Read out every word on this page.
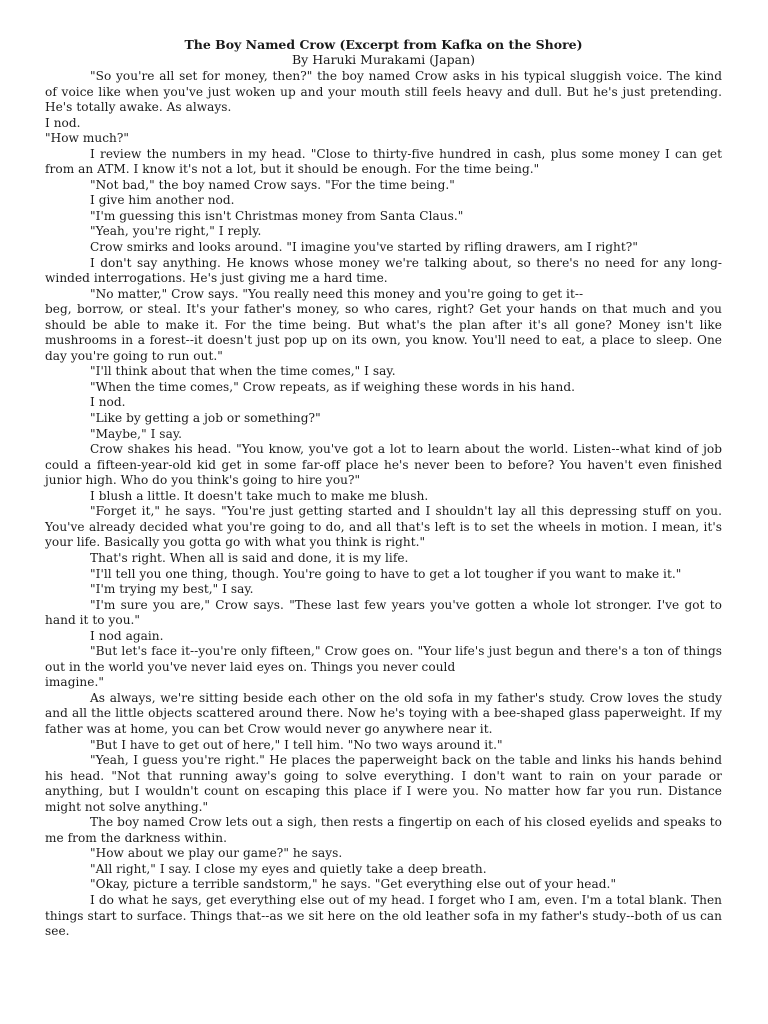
The Boy Named Crow (Excerpt from Kafka on the Shore)
By Haruki Murakami (Japan)

"So you're all set for money, then?" the boy named Crow asks in his typical sluggish voice. The kind of voice like when you've just woken up and your mouth still feels heavy and dull. But he's just pretending. He's totally awake. As always.

I nod.

"How much?"

I review the numbers in my head. "Close to thirty-five hundred in cash, plus some money I can get from an ATM. I know it's not a lot, but it should be enough. For the time being."

"Not bad," the boy named Crow says. "For the time being."

I give him another nod.

"I'm guessing this isn't Christmas money from Santa Claus."

"Yeah, you're right," I reply.

Crow smirks and looks around. "I imagine you've started by rifling drawers, am I right?"

I don't say anything. He knows whose money we're talking about, so there's no need for any long-winded interrogations. He's just giving me a hard time.

"No matter," Crow says. "You really need this money and you're going to get it--

beg, borrow, or steal. It's your father's money, so who cares, right? Get your hands on that much and you should be able to make it. For the time being. But what's the plan after it's all gone? Money isn't like mushrooms in a forest--it doesn't just pop up on its own, you know. You'll need to eat, a place to sleep. One day you're going to run out."

"I'll think about that when the time comes," I say.

"When the time comes," Crow repeats, as if weighing these words in his hand.

I nod.

"Like by getting a job or something?"

"Maybe," I say.

Crow shakes his head. "You know, you've got a lot to learn about the world. Listen--what kind of job could a fifteen-year-old kid get in some far-off place he's never been to before? You haven't even finished junior high. Who do you think's going to hire you?"

I blush a little. It doesn't take much to make me blush.

"Forget it," he says. "You're just getting started and I shouldn't lay all this depressing stuff on you. You've already decided what you're going to do, and all that's left is to set the wheels in motion. I mean, it's your life. Basically you gotta go with what you think is right."

That's right. When all is said and done, it is my life.

"I'll tell you one thing, though. You're going to have to get a lot tougher if you want to make it."

"I'm trying my best," I say.

"I'm sure you are," Crow says. "These last few years you've gotten a whole lot stronger. I've got to hand it to you."

I nod again.

"But let's face it--you're only fifteen," Crow goes on. "Your life's just begun and there's a ton of things out in the world you've never laid eyes on. Things you never could

imagine."

As always, we're sitting beside each other on the old sofa in my father's study. Crow loves the study and all the little objects scattered around there. Now he's toying with a bee-shaped glass paperweight. If my father was at home, you can bet Crow would never go anywhere near it.

"But I have to get out of here," I tell him. "No two ways around it."

"Yeah, I guess you're right." He places the paperweight back on the table and links his hands behind his head. "Not that running away's going to solve everything. I don't want to rain on your parade or anything, but I wouldn't count on escaping this place if I were you. No matter how far you run. Distance might not solve anything."

The boy named Crow lets out a sigh, then rests a fingertip on each of his closed eyelids and speaks to me from the darkness within.

"How about we play our game?" he says.

"All right," I say. I close my eyes and quietly take a deep breath.

"Okay, picture a terrible sandstorm," he says. "Get everything else out of your head."

I do what he says, get everything else out of my head. I forget who I am, even. I'm a total blank. Then things start to surface. Things that--as we sit here on the old leather sofa in my father's study--both of us can see.
